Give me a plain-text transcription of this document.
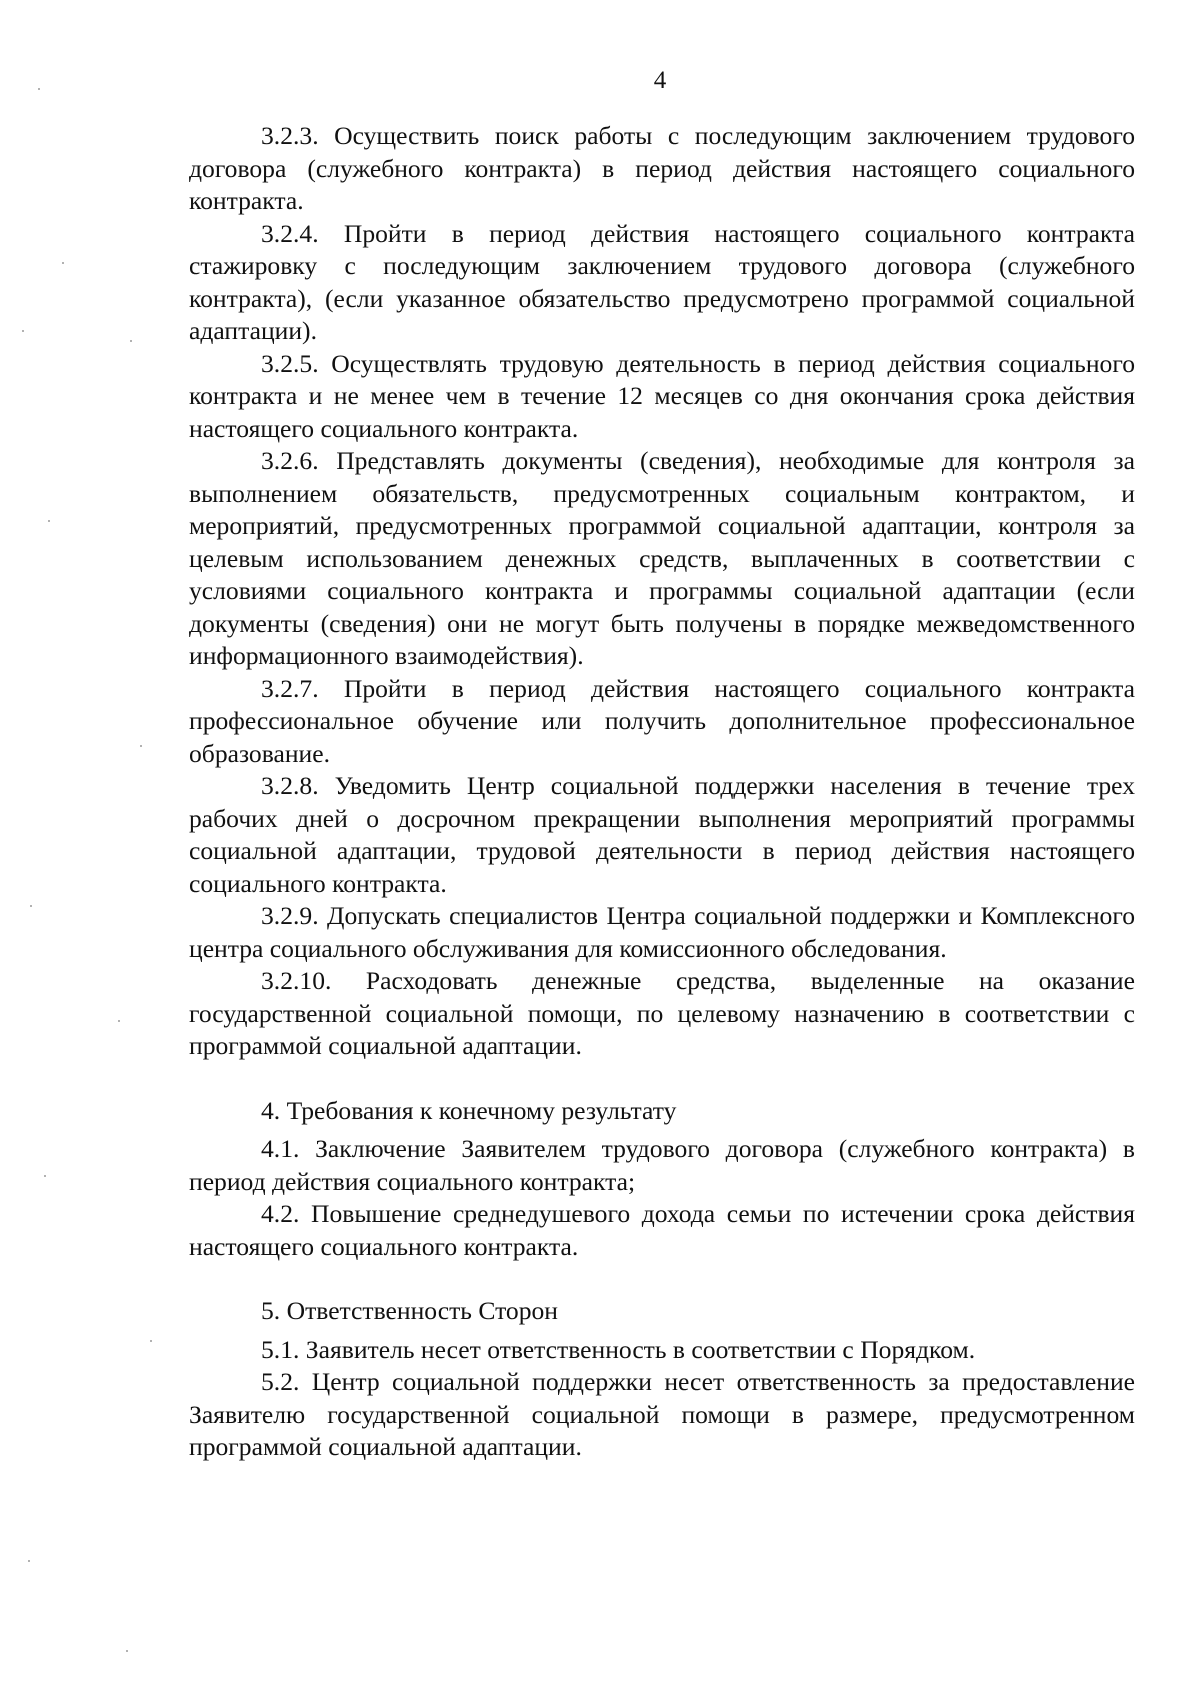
4

3.2.3. Осуществить поиск работы с последующим заключением трудового договора (служебного контракта) в период действия настоящего социального контракта.

3.2.4. Пройти в период действия настоящего социального контракта стажировку с последующим заключением трудового договора (служебного контракта), (если указанное обязательство предусмотрено программой социальной адаптации).

3.2.5. Осуществлять трудовую деятельность в период действия социального контракта и не менее чем в течение 12 месяцев со дня окончания срока действия настоящего социального контракта.

3.2.6. Представлять документы (сведения), необходимые для контроля за выполнением обязательств, предусмотренных социальным контрактом, и мероприятий, предусмотренных программой социальной адаптации, контроля за целевым использованием денежных средств, выплаченных в соответствии с условиями социального контракта и программы социальной адаптации (если документы (сведения) они не могут быть получены в порядке межведомственного информационного взаимодействия).

3.2.7. Пройти в период действия настоящего социального контракта профессиональное обучение или получить дополнительное профессиональное образование.

3.2.8. Уведомить Центр социальной поддержки населения в течение трех рабочих дней о досрочном прекращении выполнения мероприятий программы социальной адаптации, трудовой деятельности в период действия настоящего социального контракта.

3.2.9. Допускать специалистов Центра социальной поддержки и Комплексного центра социального обслуживания для комиссионного обследования.

3.2.10. Расходовать денежные средства, выделенные на оказание государственной социальной помощи, по целевому назначению в соответствии с программой социальной адаптации.

4. Требования к конечному результату

4.1. Заключение Заявителем трудового договора (служебного контракта) в период действия социального контракта;

4.2. Повышение среднедушевого дохода семьи по истечении срока действия настоящего социального контракта.

5. Ответственность Сторон

5.1. Заявитель несет ответственность в соответствии с Порядком.

5.2. Центр социальной поддержки несет ответственность за предоставление Заявителю государственной социальной помощи в размере, предусмотренном программой социальной адаптации.
